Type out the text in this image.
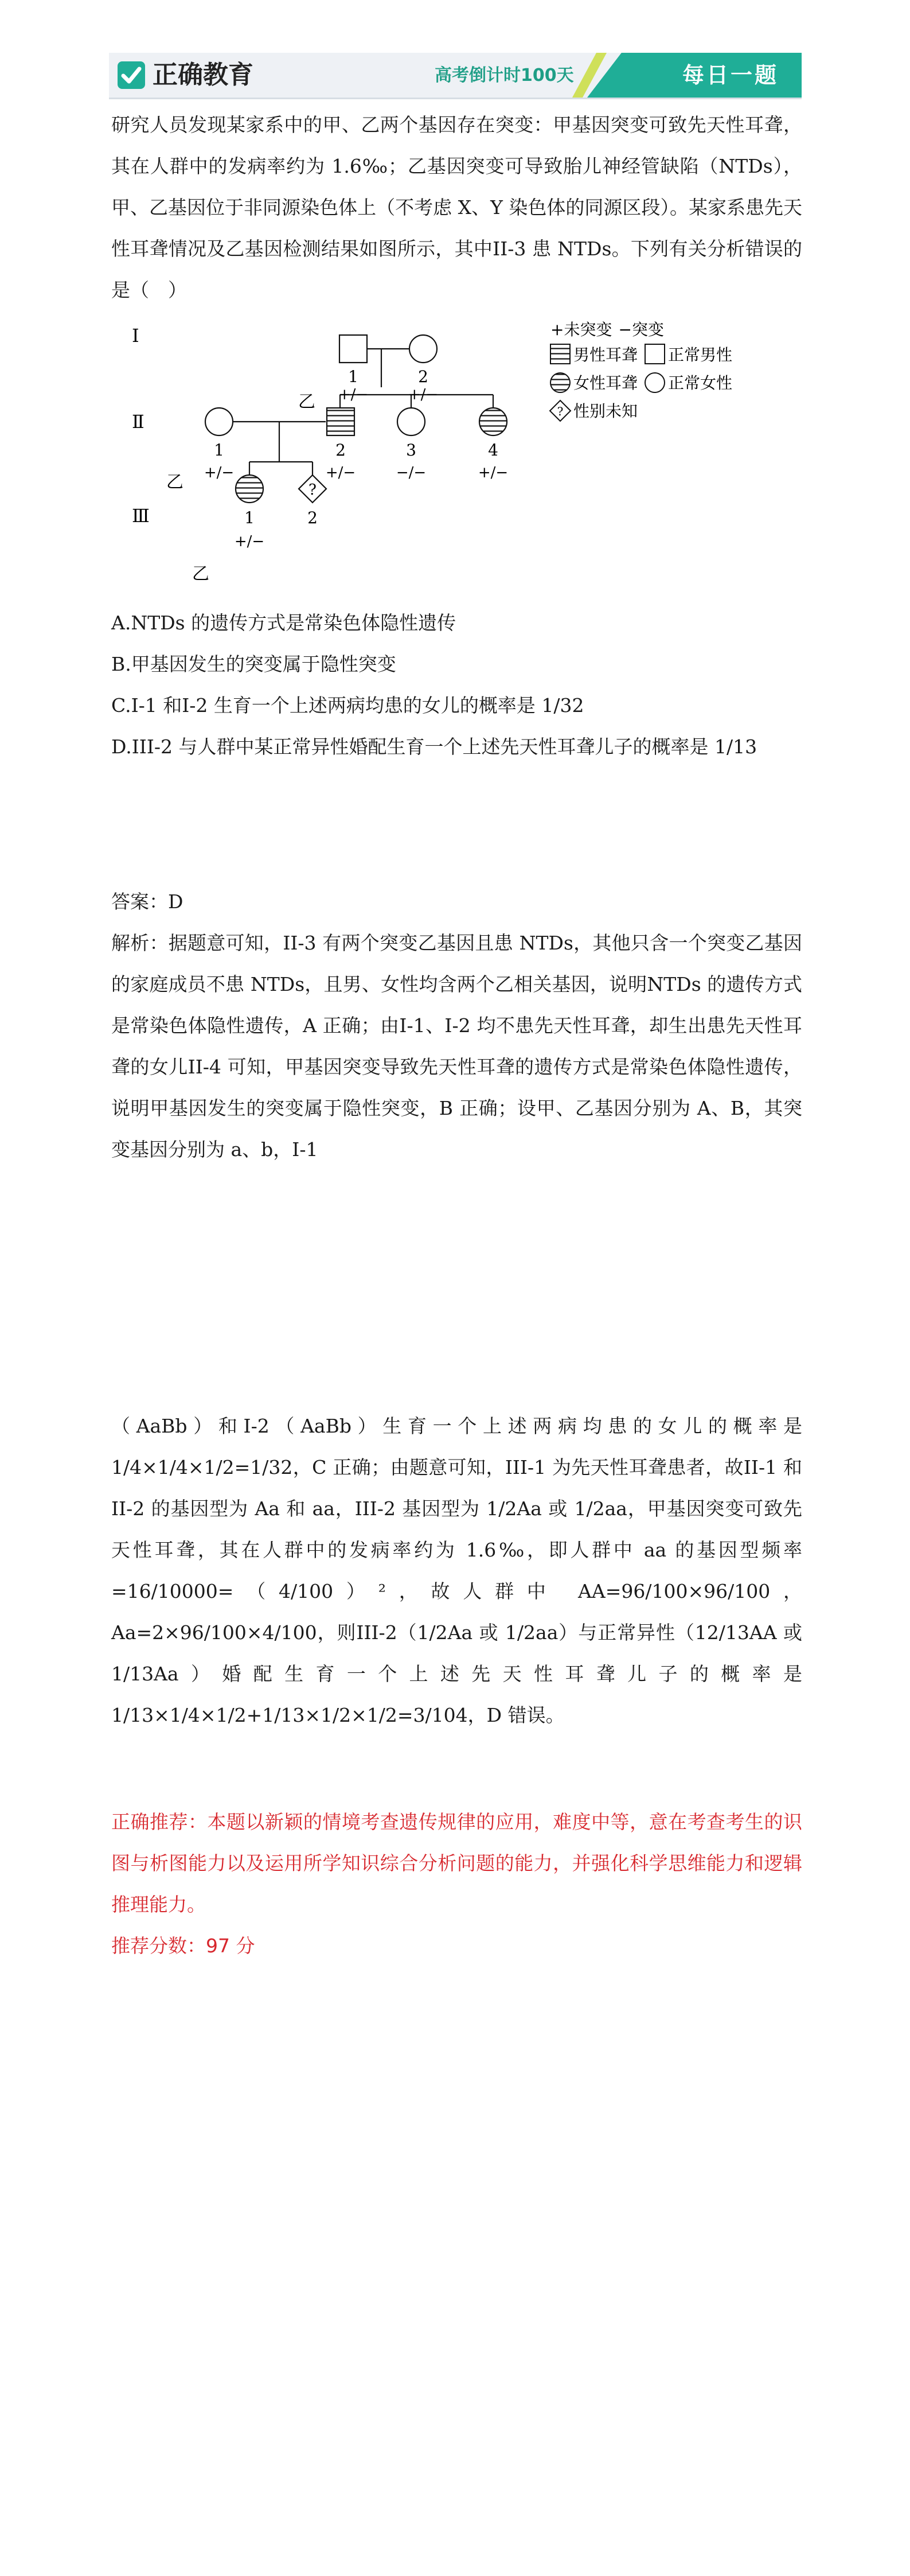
正确教育	高考倒计时100天	每日一题

研究人员发现某家系中的甲、乙两个基因存在突变：甲基因突变可致先天性耳聋，其在人群中的发病率约为 1.6‰；乙基因突变可导致胎儿神经管缺陷（NTDs），甲、乙基因位于非同源染色体上（不考虑 X、Y 染色体的同源区段）。某家系患先天性耳聋情况及乙基因检测结果如图所示，其中II-3 患 NTDs。下列有关分析错误的是（　）

?
Ⅰ
Ⅱ
Ⅲ
乙
乙
乙
1	2
1	2	3	4
1	2
+/−	+/−
+/−	+/−	−/−	+/−
+/−
+未突变 −突变
男性耳聋 正常男性
女性耳聋 正常女性
? 性别未知

A.NTDs 的遗传方式是常染色体隐性遗传

B.甲基因发生的突变属于隐性突变

C.I-1 和I-2 生育一个上述两病均患的女儿的概率是 1/32

D.III-2 与人群中某正常异性婚配生育一个上述先天性耳聋儿子的概率是 1/13

答案：D

解析：据题意可知，II-3 有两个突变乙基因且患 NTDs，其他只含一个突变乙基因的家庭成员不患 NTDs，且男、女性均含两个乙相关基因，说明NTDs 的遗传方式是常染色体隐性遗传，A 正确；由I-1、I-2 均不患先天性耳聋，却生出患先天性耳聋的女儿II-4 可知，甲基因突变导致先天性耳聋的遗传方式是常染色体隐性遗传，说明甲基因发生的突变属于隐性突变，B 正确；设甲、乙基因分别为 A、B，其突变基因分别为 a、b，I-1

（AaBb）和I-2（AaBb）生育一个上述两病均患的女儿的概率是 1/4×1/4×1/2=1/32，C 正确；由题意可知，III-1 为先天性耳聋患者，故II-1 和II-2 的基因型为 Aa 和 aa，III-2 基因型为 1/2Aa 或 1/2aa，甲基因突变可致先天性耳聋，其在人群中的发病率约为 1.6‰，即人群中 aa 的基因型频率 =16/10000=（4/100）²，故人群中 AA=96/100×96/100，Aa=2×96/100×4/100，则III-2（1/2Aa 或 1/2aa）与正常异性（12/13AA 或 1/13Aa）婚配生育一个上述先天性耳聋儿子的概率是 1/13×1/4×1/2+1/13×1/2×1/2=3/104，D 错误。

正确推荐：本题以新颖的情境考查遗传规律的应用，难度中等，意在考查考生的识图与析图能力以及运用所学知识综合分析问题的能力，并强化科学思维能力和逻辑推理能力。

推荐分数：97 分
